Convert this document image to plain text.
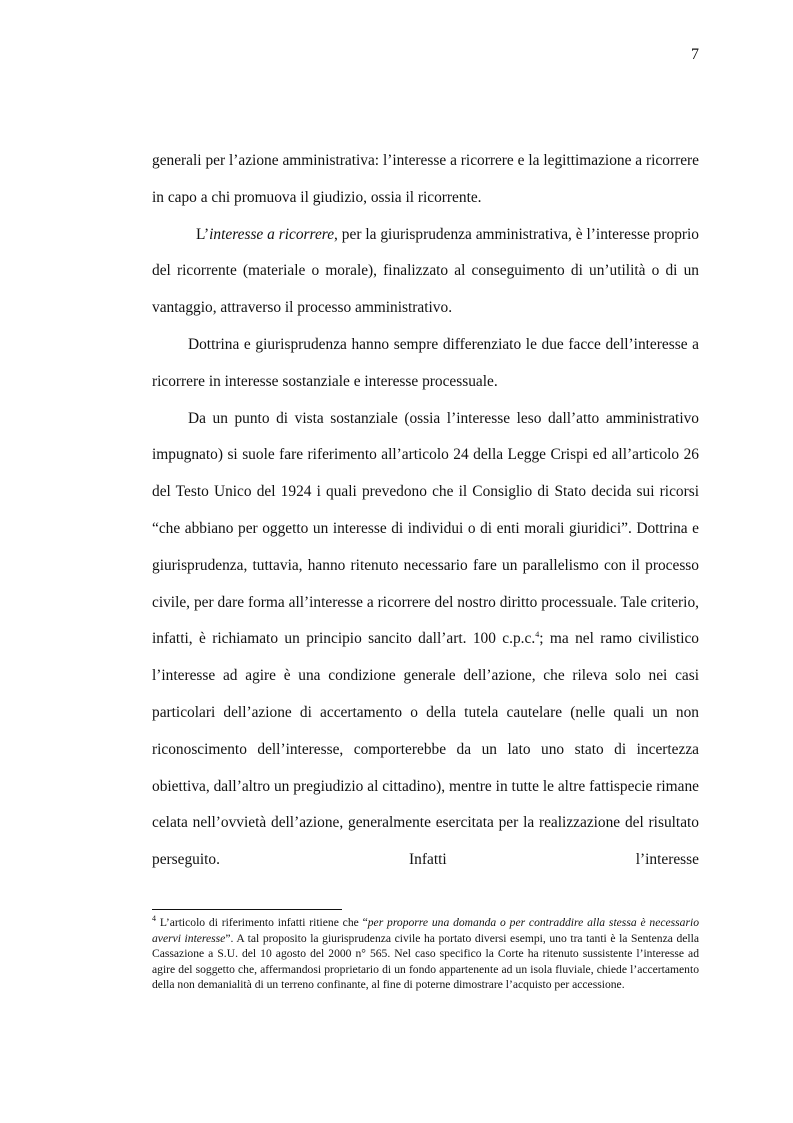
7

generali per l’azione amministrativa: l’interesse a ricorrere e la legittimazione a ricorrere in capo a chi promuova il giudizio, ossia il ricorrente.

L’interesse a ricorrere, per la giurisprudenza amministrativa, è l’interesse proprio del ricorrente (materiale o morale), finalizzato al conseguimento di un’utilità o di un vantaggio, attraverso il processo amministrativo.

Dottrina e giurisprudenza hanno sempre differenziato le due facce dell’interesse a ricorrere in interesse sostanziale e interesse processuale.

Da un punto di vista sostanziale (ossia l’interesse leso dall’atto amministrativo impugnato) si suole fare riferimento all’articolo 24 della Legge Crispi ed all’articolo 26 del Testo Unico del 1924 i quali prevedono che il Consiglio di Stato decida sui ricorsi “che abbiano per oggetto un interesse di individui o di enti morali giuridici”. Dottrina e giurisprudenza, tuttavia, hanno ritenuto necessario fare un parallelismo con il processo civile, per dare forma all’interesse a ricorrere del nostro diritto processuale. Tale criterio, infatti, è richiamato un principio sancito dall’art. 100 c.p.c.$^4$; ma nel ramo civilistico l’interesse ad agire è una condizione generale dell’azione, che rileva solo nei casi particolari dell’azione di accertamento o della tutela cautelare (nelle quali un non riconoscimento dell’interesse, comporterebbe da un lato uno stato di incertezza obiettiva, dall’altro un pregiudizio al cittadino), mentre in tutte le altre fattispecie rimane celata nell’ovvietà dell’azione, generalmente esercitata per la realizzazione del risultato perseguito. Infatti l’interesse

$^4$ L’articolo di riferimento infatti ritiene che “per proporre una domanda o per contraddire alla stessa è necessario avervi interesse”. A tal proposito la giurisprudenza civile ha portato diversi esempi, uno tra tanti è la Sentenza della Cassazione a S.U. del 10 agosto del 2000 n° 565. Nel caso specifico la Corte ha ritenuto sussistente l’interesse ad agire del soggetto che, affermandosi proprietario di un fondo appartenente ad un isola fluviale, chiede l’accertamento della non demanialità di un terreno confinante, al fine di poterne dimostrare l’acquisto per accessione.
